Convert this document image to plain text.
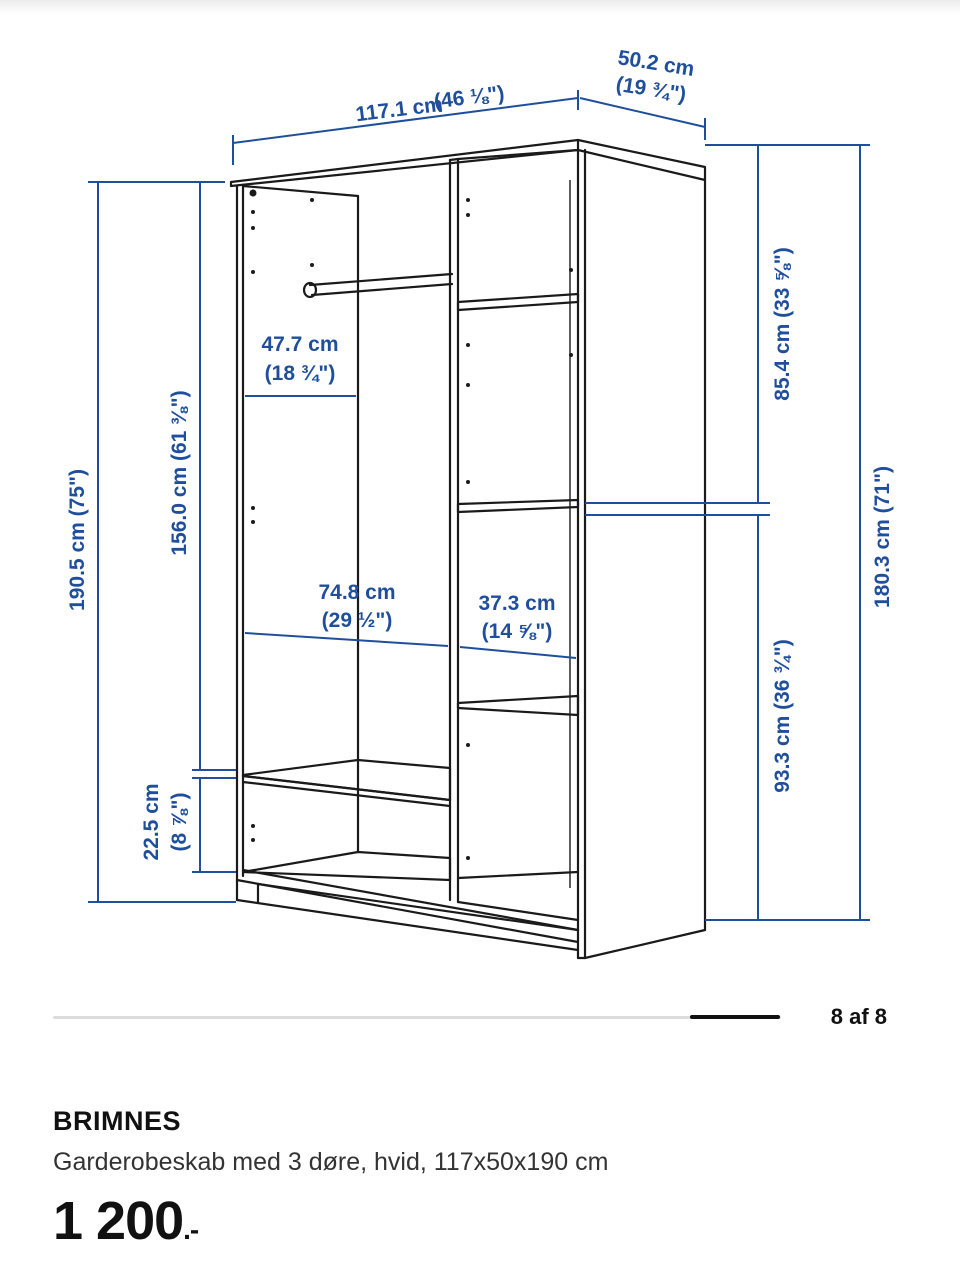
117.1 cm
(46 ⅛")
50.2 cm
(19 ¾")
190.5 cm (75")	156.0 cm (61 ⅜")
22.5 cm (8 ⅞")
47.7 cm
(18 ¾")
74.8 cm
(29 ½")
37.3 cm
(14 ⅝")
85.4 cm (33 ⅝")
93.3 cm (36 ¾")
180.3 cm (71")
8 af 8
BRIMNES
Garderobeskab med 3 døre, hvid, 117x50x190 cm
1 200.-
